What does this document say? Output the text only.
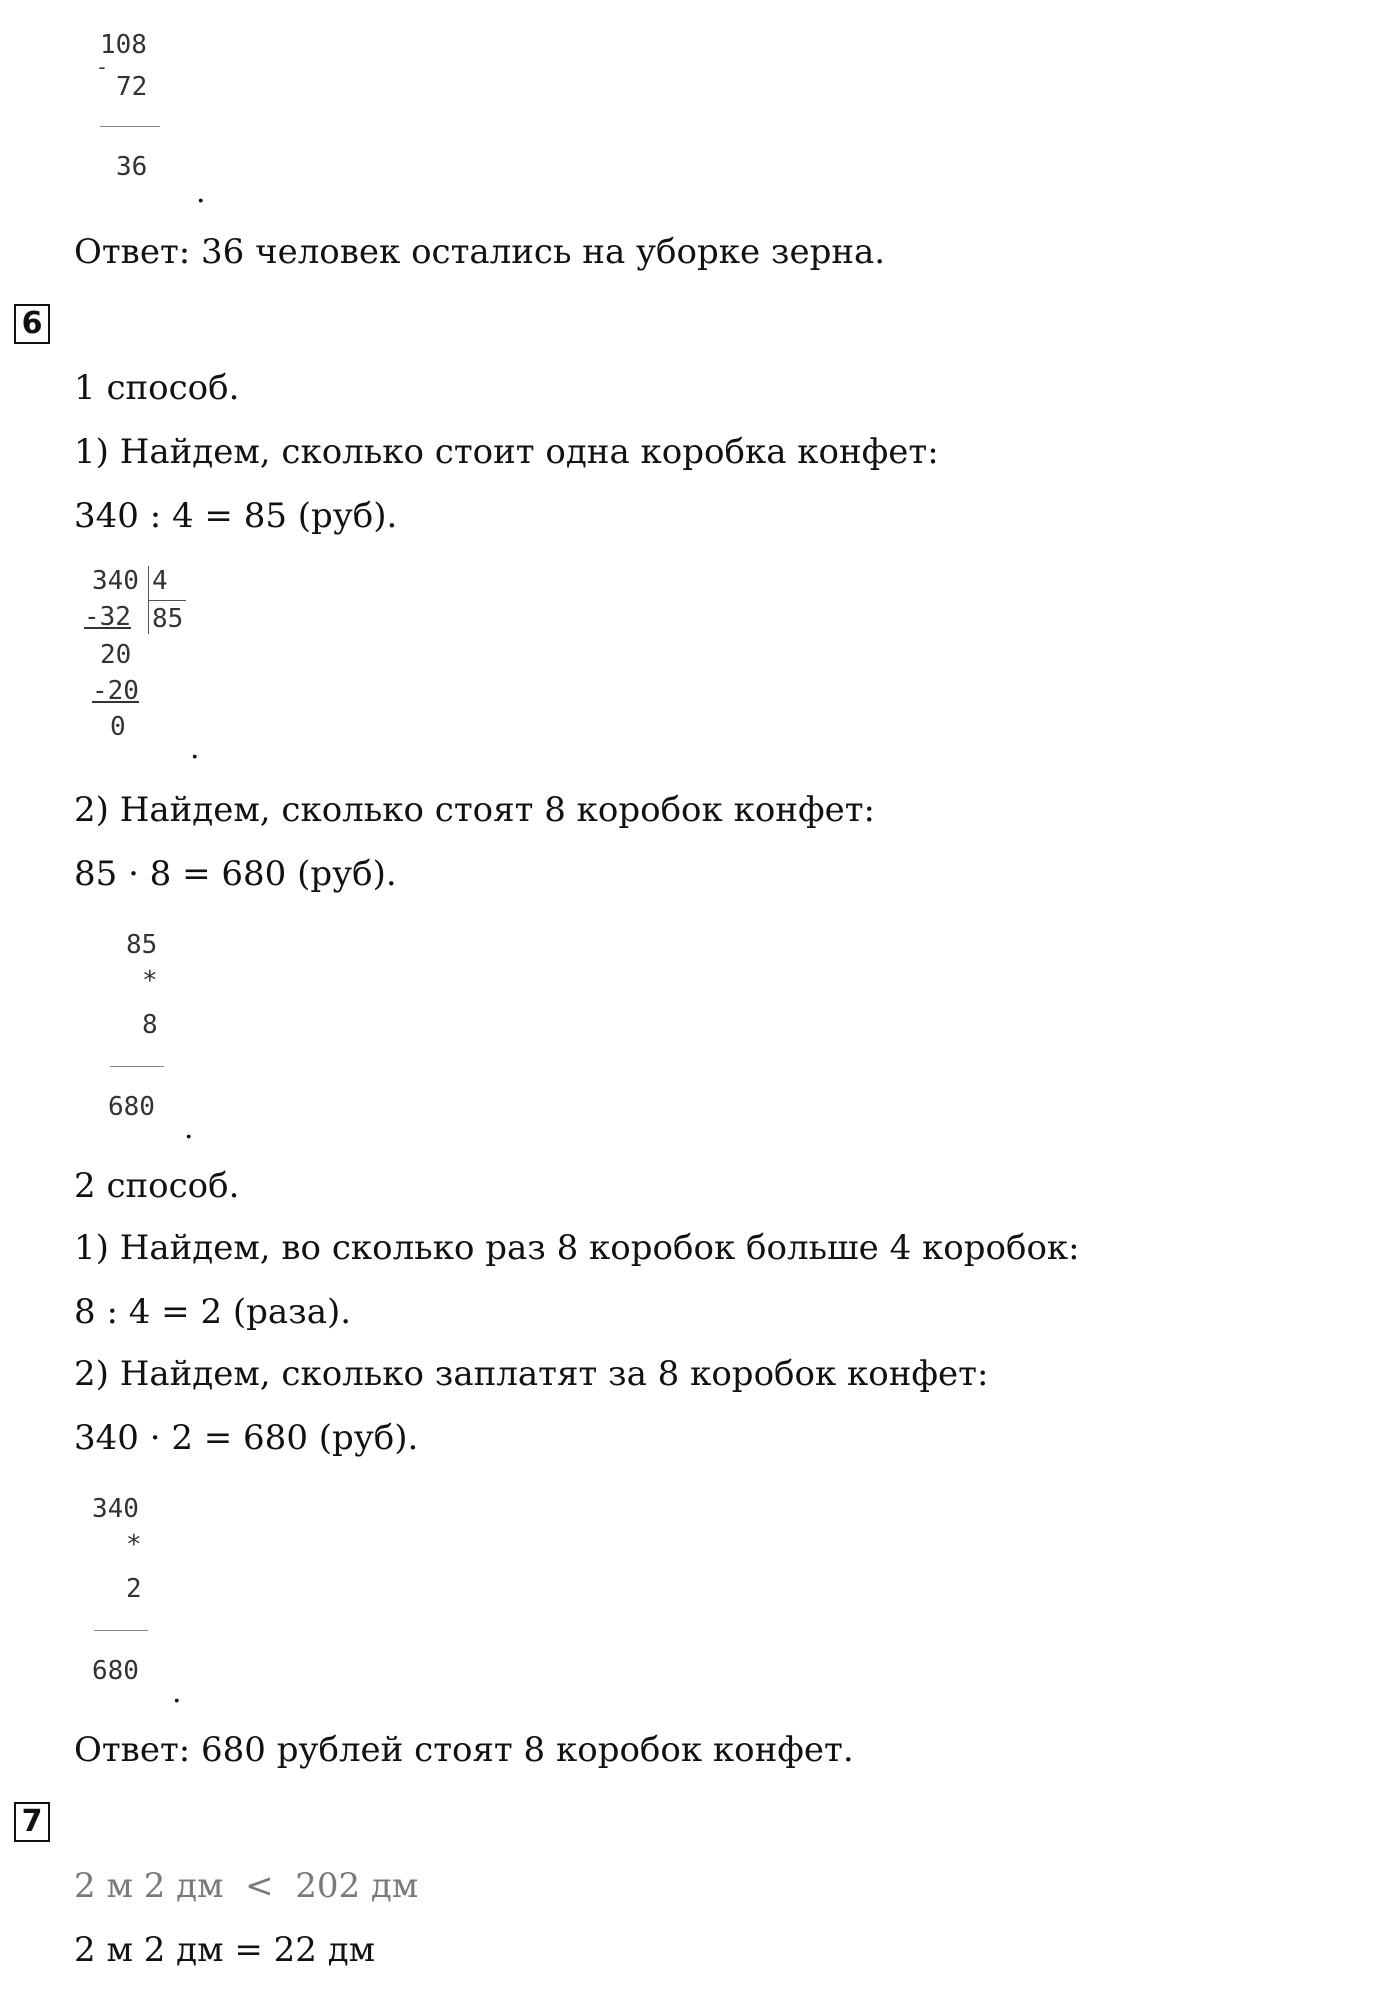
108
-
72
36
.
Ответ: 36 человек остались на уборке зерна.
6
1 способ.
1) Найдем, сколько стоит одна коробка конфет:
340 : 4 = 85 (руб).
340 4
-32 85
20
-20
0
.
2) Найдем, сколько стоят 8 коробок конфет:
85 · 8 = 680 (руб).
85
*
8
680
.
2 способ.
1) Найдем, во сколько раз 8 коробок больше 4 коробок:
8 : 4 = 2 (раза).
2) Найдем, сколько заплатят за 8 коробок конфет:
340 · 2 = 680 (руб).
340
*
2
680
.
Ответ: 680 рублей стоят 8 коробок конфет.
7
2 м 2 дм  <  202 дм
2 м 2 дм = 22 дм
